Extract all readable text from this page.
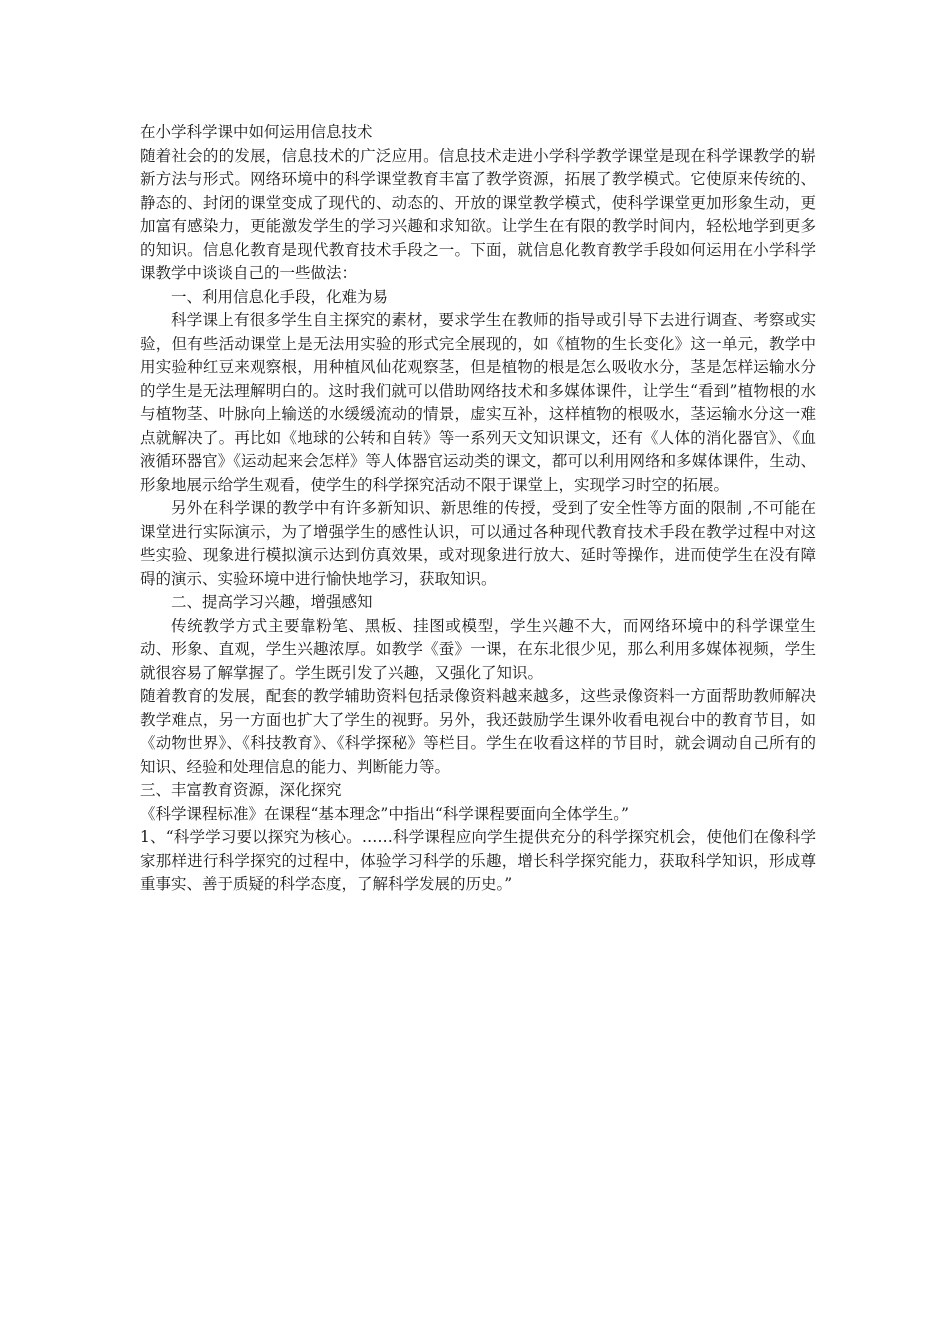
在小学科学课中如何运用信息技术

随着社会的的发展，信息技术的广泛应用。信息技术走进小学科学教学课堂是现在科学课教学的崭新方法与形式。网络环境中的科学课堂教育丰富了教学资源，拓展了教学模式。它使原来传统的、静态的、封闭的课堂变成了现代的、动态的、开放的课堂教学模式，使科学课堂更加形象生动，更加富有感染力，更能激发学生的学习兴趣和求知欲。让学生在有限的教学时间内，轻松地学到更多的知识。信息化教育是现代教育技术手段之一。下面，就信息化教育教学手段如何运用在小学科学课教学中谈谈自己的一些做法：

一、利用信息化手段，化难为易

科学课上有很多学生自主探究的素材，要求学生在教师的指导或引导下去进行调查、考察或实验，但有些活动课堂上是无法用实验的形式完全展现的，如《植物的生长变化》这一单元，教学中用实验种红豆来观察根，用种植风仙花观察茎，但是植物的根是怎么吸收水分，茎是怎样运输水分的学生是无法理解明白的。这时我们就可以借助网络技术和多媒体课件，让学生“看到”植物根的水与植物茎、叶脉向上输送的水缓缓流动的情景，虚实互补，这样植物的根吸水，茎运输水分这一难点就解决了。再比如《地球的公转和自转》等一系列天文知识课文，还有《人体的消化器官》、《血液循环器官》《运动起来会怎样》等人体器官运动类的课文，都可以利用网络和多媒体课件，生动、形象地展示给学生观看，使学生的科学探究活动不限于课堂上，实现学习时空的拓展。

另外在科学课的教学中有许多新知识、新思维的传授，受到了安全性等方面的限制 ,不可能在课堂进行实际演示，为了增强学生的感性认识，可以通过各种现代教育技术手段在教学过程中对这些实验、现象进行模拟演示达到仿真效果，或对现象进行放大、延时等操作，进而使学生在没有障碍的演示、实验环境中进行愉快地学习，获取知识。

二、提高学习兴趣，增强感知

传统教学方式主要靠粉笔、黑板、挂图或模型，学生兴趣不大，而网络环境中的科学课堂生动、形象、直观，学生兴趣浓厚。如教学《蚕》一课，在东北很少见，那么利用多媒体视频，学生就很容易了解掌握了。学生既引发了兴趣，又强化了知识。

随着教育的发展，配套的教学辅助资料包括录像资料越来越多，这些录像资料一方面帮助教师解决教学难点，另一方面也扩大了学生的视野。另外，我还鼓励学生课外收看电视台中的教育节目，如《动物世界》、《科技教育》、《科学探秘》等栏目。学生在收看这样的节目时，就会调动自己所有的知识、经验和处理信息的能力、判断能力等。

三、丰富教育资源，深化探究

《科学课程标准》在课程“基本理念”中指出“科学课程要面向全体学生。”

1、“科学学习要以探究为核心。……科学课程应向学生提供充分的科学探究机会，使他们在像科学家那样进行科学探究的过程中，体验学习科学的乐趣，增长科学探究能力，获取科学知识，形成尊重事实、善于质疑的科学态度，了解科学发展的历史。”
